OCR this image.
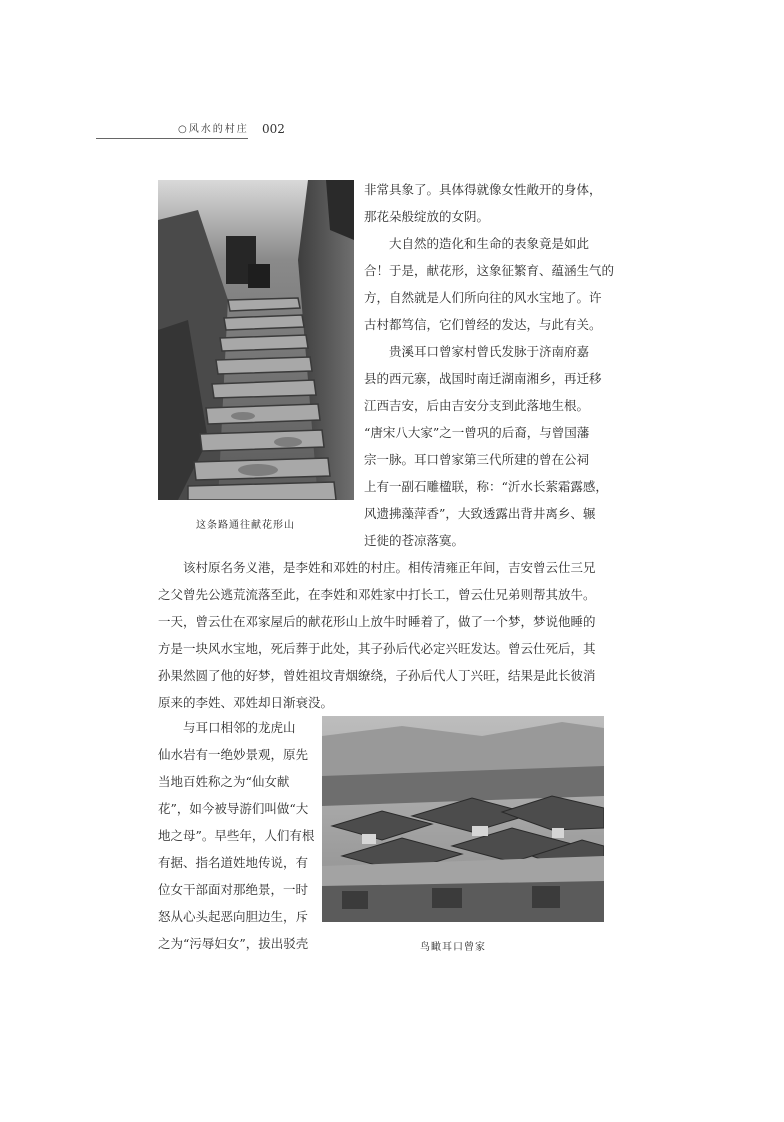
○风水的村庄 002
这条路通往献花形山
非常具象了。具体得就像女性敞开的身体，
那花朵般绽放的女阴。
　　大自然的造化和生命的表象竟是如此
合！于是，献花形，这象征繁育、蕴涵生气的
方，自然就是人们所向往的风水宝地了。许
古村都笃信，它们曾经的发达，与此有关。
　　贵溪耳口曾家村曾氏发脉于济南府嘉
县的西元寨，战国时南迁湖南湘乡，再迁移
江西吉安，后由吉安分支到此落地生根。
“唐宋八大家”之一曾巩的后裔，与曾国藩
宗一脉。耳口曾家第三代所建的曾在公祠
上有一副石雕楹联，称：“沂水长萦霜露感，
风遗拂藻萍香”，大致透露出背井离乡、辗
迁徙的苍凉落寞。
　　该村原名务义港，是李姓和邓姓的村庄。相传清雍正年间，吉安曾云仕三兄
之父曾先公逃荒流落至此，在李姓和邓姓家中打长工，曾云仕兄弟则帮其放牛。
一天，曾云仕在邓家屋后的献花形山上放牛时睡着了，做了一个梦，梦说他睡的
方是一块风水宝地，死后葬于此处，其子孙后代必定兴旺发达。曾云仕死后，其
孙果然圆了他的好梦，曾姓祖坟青烟缭绕，子孙后代人丁兴旺，结果是此长彼消
原来的李姓、邓姓却日渐衰没。
　　与耳口相邻的龙虎山
仙水岩有一绝妙景观，原先
当地百姓称之为“仙女献
花”，如今被导游们叫做“大
地之母”。早些年，人们有根
有据、指名道姓地传说，有
位女干部面对那绝景，一时
怒从心头起恶向胆边生，斥
之为“污辱妇女”，拔出驳壳	鸟瞰耳口曾家
